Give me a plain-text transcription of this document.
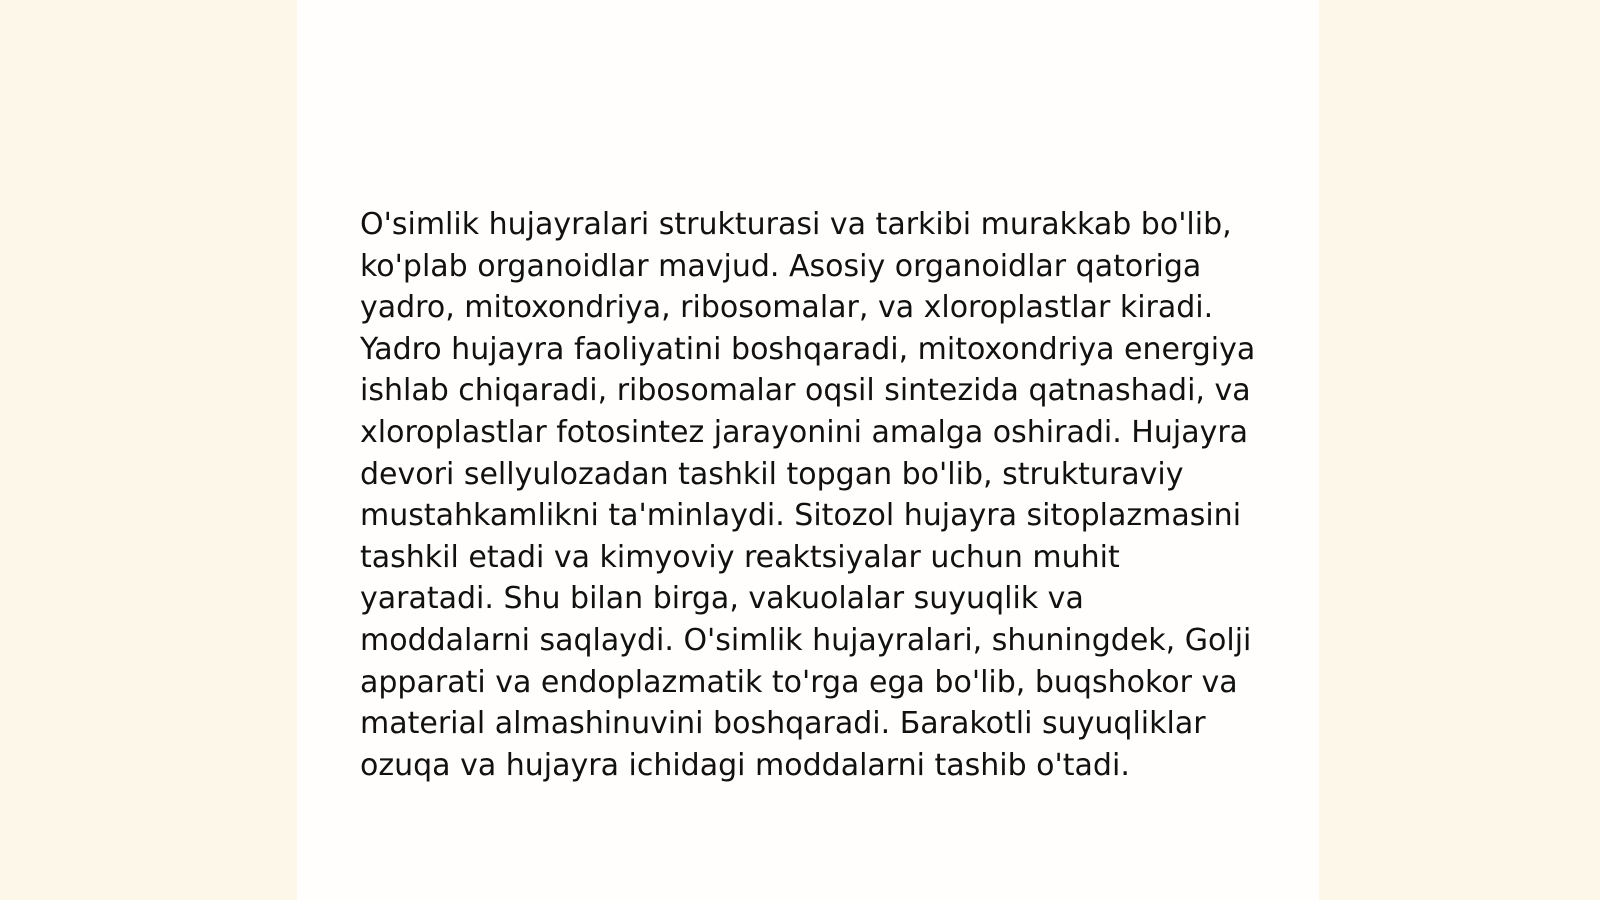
O'simlik hujayralari strukturasi va tarkibi murakkab bo'lib, ko'plab organoidlar mavjud. Asosiy organoidlar qatoriga yadro, mitoxondriya, ribosomalar, va xloroplastlar kiradi. Yadro hujayra faoliyatini boshqaradi, mitoxondriya energiya ishlab chiqaradi, ribosomalar oqsil sintezida qatnashadi, va xloroplastlar fotosintez jarayonini amalga oshiradi. Hujayra devori sellyulozadan tashkil topgan bo'lib, strukturaviy mustahkamlikni ta'minlaydi. Sitozol hujayra sitoplazmasini tashkil etadi va kimyoviy reaktsiyalar uchun muhit yaratadi. Shu bilan birga, vakuolalar suyuqlik va moddalarni saqlaydi. O'simlik hujayralari, shuningdek, Golji apparati va endoplazmatik to'rga ega bo'lib, buqshokor va material almashinuvini boshqaradi. Бarakotli suyuqliklar ozuqa va hujayra ichidagi moddalarni tashib o'tadi.
